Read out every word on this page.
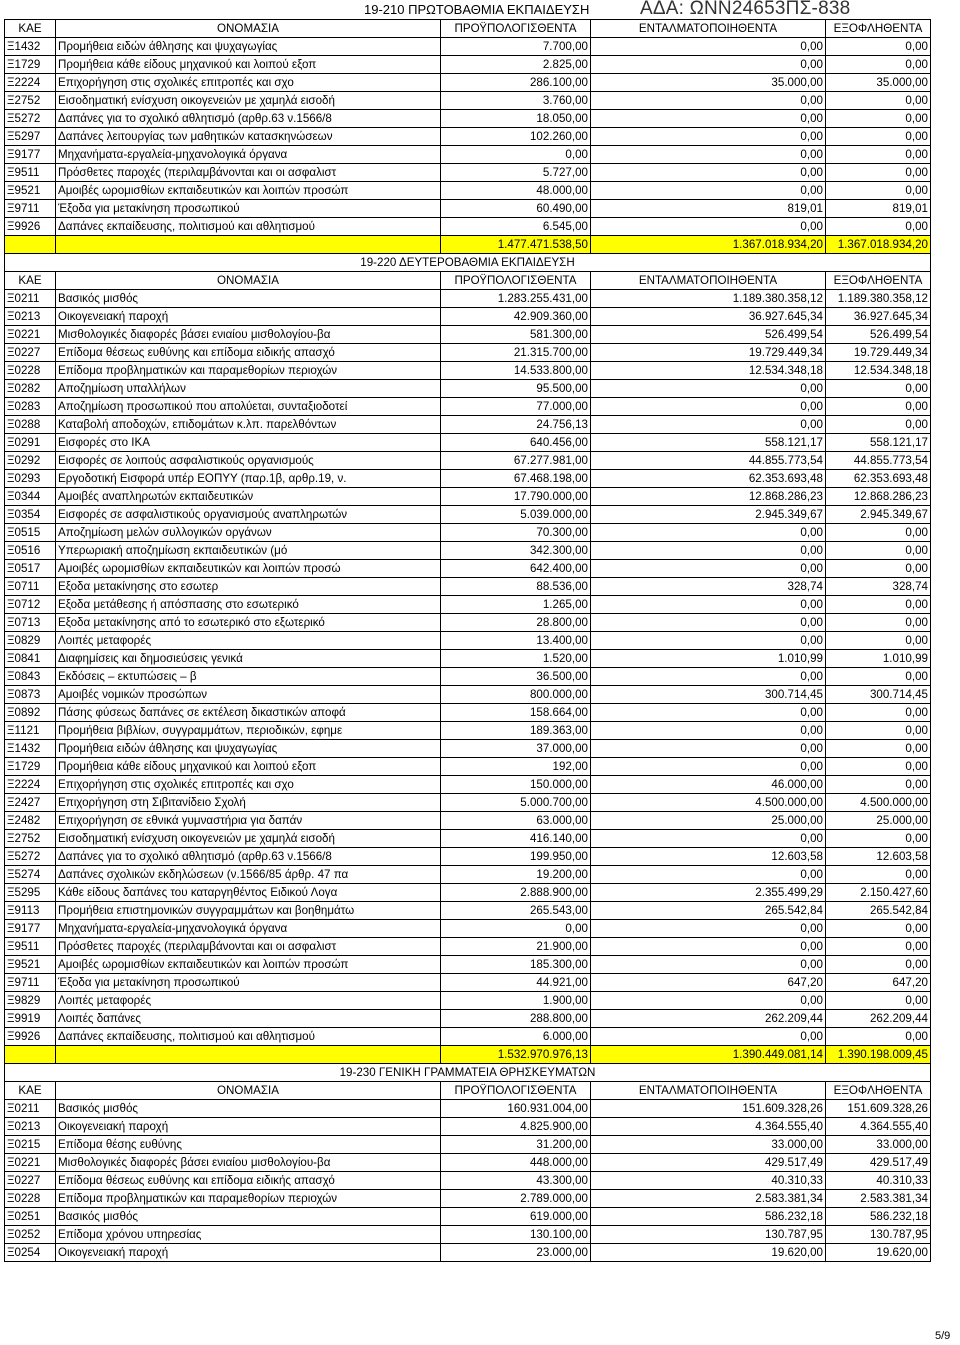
19-210 ΠΡΩΤΟΒΑΘΜΙΑ ΕΚΠΑΙΔΕΥΣΗ	ΑΔΑ: ΩΝΝ24653ΠΣ-838
ΚΑΕ	ΟΝΟΜΑΣΙΑ	ΠΡΟΫΠΟΛΟΓΙΣΘΕΝΤΑ	ΕΝΤΑΛΜΑΤΟΠΟΙΗΘΕΝΤΑ	ΕΞΟΦΛΗΘΕΝΤΑ
Ξ1432	Προμήθεια ειδών άθλησης και ψυχαγωγίας	7.700,00	0,00	0,00
Ξ1729	Προμήθεια κάθε είδους μηχανικού και λοιπού εξοπ	2.825,00	0,00	0,00
Ξ2224	Επιχορήγηση στις σχολικές επιτροπές και σχο	286.100,00	35.000,00	35.000,00
Ξ2752	Εισοδηματική ενίσχυση οικογενειών με χαμηλά εισοδή	3.760,00	0,00	0,00
Ξ5272	Δαπάνες για το σχολικό αθλητισμό (αρθρ.63 ν.1566/8	18.050,00	0,00	0,00
Ξ5297	Δαπάνες λειτουργίας των μαθητικών κατασκηνώσεων	102.260,00	0,00	0,00
Ξ9177	Μηχανήματα-εργαλεία-μηχανολογικά όργανα	0,00	0,00	0,00
Ξ9511	Πρόσθετες παροχές (περιλαμβάνονται και οι ασφαλιστ	5.727,00	0,00	0,00
Ξ9521	Αμοιβές ωρομισθίων εκπαιδευτικών και λοιπών προσώπ	48.000,00	0,00	0,00
Ξ9711	Έξοδα για μετακίνηση προσωπικού	60.490,00	819,01	819,01
Ξ9926	Δαπάνες εκπαίδευσης, πολιτισμού και αθλητισμού	6.545,00	0,00	0,00
		1.477.471.538,50	1.367.018.934,20	1.367.018.934,20
19-220 ΔΕΥΤΕΡΟΒΑΘΜΙΑ ΕΚΠΑΙΔΕΥΣΗ				
ΚΑΕ	ΟΝΟΜΑΣΙΑ	ΠΡΟΫΠΟΛΟΓΙΣΘΕΝΤΑ	ΕΝΤΑΛΜΑΤΟΠΟΙΗΘΕΝΤΑ	ΕΞΟΦΛΗΘΕΝΤΑ
Ξ0211	Βασικός μισθός	1.283.255.431,00	1.189.380.358,12	1.189.380.358,12
Ξ0213	Οικογενειακή παροχή	42.909.360,00	36.927.645,34	36.927.645,34
Ξ0221	Μισθολογικές διαφορές βάσει ενιαίου μισθολογίου-βα	581.300,00	526.499,54	526.499,54
Ξ0227	Επίδομα θέσεως ευθύνης και επίδομα ειδικής απασχό	21.315.700,00	19.729.449,34	19.729.449,34
Ξ0228	Επίδομα προβληματικών και παραμεθορίων περιοχών	14.533.800,00	12.534.348,18	12.534.348,18
Ξ0282	Αποζημίωση υπαλλήλων	95.500,00	0,00	0,00
Ξ0283	Αποζημίωση προσωπικού που απολύεται, συνταξιοδοτεί	77.000,00	0,00	0,00
Ξ0288	Καταβολή αποδοχών, επιδομάτων κ.λπ. παρελθόντων	24.756,13	0,00	0,00
Ξ0291	Εισφορές στο ΙΚΑ	640.456,00	558.121,17	558.121,17
Ξ0292	Εισφορές σε λοιπούς ασφαλιστικούς οργανισμούς	67.277.981,00	44.855.773,54	44.855.773,54
Ξ0293	Εργοδοτική Εισφορά υπέρ ΕΟΠΥΥ (παρ.1β, αρθρ.19, ν.	67.468.198,00	62.353.693,48	62.353.693,48
Ξ0344	Αμοιβές αναπληρωτών εκπαιδευτικών	17.790.000,00	12.868.286,23	12.868.286,23
Ξ0354	Εισφορές σε ασφαλιστικούς οργανισμούς αναπληρωτών	5.039.000,00	2.945.349,67	2.945.349,67
Ξ0515	Αποζημίωση μελών συλλογικών οργάνων	70.300,00	0,00	0,00
Ξ0516	Υπερωριακή αποζημίωση εκπαιδευτικών (μό	342.300,00	0,00	0,00
Ξ0517	Αμοιβές ωρομισθίων εκπαιδευτικών και λοιπών προσώ	642.400,00	0,00	0,00
Ξ0711	Εξοδα μετακίνησης στο εσωτερ	88.536,00	328,74	328,74
Ξ0712	Εξοδα μετάθεσης ή απόσπασης στο εσωτερικό	1.265,00	0,00	0,00
Ξ0713	Εξοδα μετακίνησης από το εσωτερικό στο εξωτερικό	28.800,00	0,00	0,00
Ξ0829	Λοιπές μεταφορές	13.400,00	0,00	0,00
Ξ0841	Διαφημίσεις και δημοσιεύσεις γενικά	1.520,00	1.010,99	1.010,99
Ξ0843	Εκδόσεις – εκτυπώσεις – β	36.500,00	0,00	0,00
Ξ0873	Αμοιβές νομικών προσώπων	800.000,00	300.714,45	300.714,45
Ξ0892	Πάσης φύσεως δαπάνες σε εκτέλεση δικαστικών αποφά	158.664,00	0,00	0,00
Ξ1121	Προμήθεια βιβλίων, συγγραμμάτων, περιοδικών, εφημε	189.363,00	0,00	0,00
Ξ1432	Προμήθεια ειδών άθλησης και ψυχαγωγίας	37.000,00	0,00	0,00
Ξ1729	Προμήθεια κάθε είδους μηχανικού και λοιπού εξοπ	192,00	0,00	0,00
Ξ2224	Επιχορήγηση στις σχολικές επιτροπές και σχο	150.000,00	46.000,00	0,00
Ξ2427	Επιχορήγηση στη Σιβιτανίδειο Σχολή	5.000.700,00	4.500.000,00	4.500.000,00
Ξ2482	Επιχορήγηση σε εθνικά γυμναστήρια για δαπάν	63.000,00	25.000,00	25.000,00
Ξ2752	Εισοδηματική ενίσχυση οικογενειών με χαμηλά εισοδή	416.140,00	0,00	0,00
Ξ5272	Δαπάνες για το σχολικό αθλητισμό (αρθρ.63 ν.1566/8	199.950,00	12.603,58	12.603,58
Ξ5274	Δαπάνες σχολικών εκδηλώσεων (ν.1566/85 άρθρ. 47 πα	19.200,00	0,00	0,00
Ξ5295	Κάθε είδους δαπάνες του καταργηθέντος Ειδικού Λογα	2.888.900,00	2.355.499,29	2.150.427,60
Ξ9113	Προμήθεια επιστημονικών συγγραμμάτων και βοηθημάτω	265.543,00	265.542,84	265.542,84
Ξ9177	Μηχανήματα-εργαλεία-μηχανολογικά όργανα	0,00	0,00	0,00
Ξ9511	Πρόσθετες παροχές (περιλαμβάνονται και οι ασφαλιστ	21.900,00	0,00	0,00
Ξ9521	Αμοιβές ωρομισθίων εκπαιδευτικών και λοιπών προσώπ	185.300,00	0,00	0,00
Ξ9711	Έξοδα για μετακίνηση προσωπικού	44.921,00	647,20	647,20
Ξ9829	Λοιπές μεταφορές	1.900,00	0,00	0,00
Ξ9919	Λοιπές δαπάνες	288.800,00	262.209,44	262.209,44
Ξ9926	Δαπάνες εκπαίδευσης, πολιτισμού και αθλητισμού	6.000,00	0,00	0,00
		1.532.970.976,13	1.390.449.081,14	1.390.198.009,45
19-230 ΓΕΝΙΚΗ ΓΡΑΜΜΑΤΕΙΑ ΘΡΗΣΚΕΥΜΑΤΩΝ				
ΚΑΕ	ΟΝΟΜΑΣΙΑ	ΠΡΟΫΠΟΛΟΓΙΣΘΕΝΤΑ	ΕΝΤΑΛΜΑΤΟΠΟΙΗΘΕΝΤΑ	ΕΞΟΦΛΗΘΕΝΤΑ
Ξ0211	Βασικός μισθός	160.931.004,00	151.609.328,26	151.609.328,26
Ξ0213	Οικογενειακή παροχή	4.825.900,00	4.364.555,40	4.364.555,40
Ξ0215	Επίδομα θέσης ευθύνης	31.200,00	33.000,00	33.000,00
Ξ0221	Μισθολογικές διαφορές βάσει ενιαίου μισθολογίου-βα	448.000,00	429.517,49	429.517,49
Ξ0227	Επίδομα θέσεως ευθύνης και επίδομα ειδικής απασχό	43.300,00	40.310,33	40.310,33
Ξ0228	Επίδομα προβληματικών και παραμεθορίων περιοχών	2.789.000,00	2.583.381,34	2.583.381,34
Ξ0251	Βασικός μισθός	619.000,00	586.232,18	586.232,18
Ξ0252	Επίδομα χρόνου υπηρεσίας	130.100,00	130.787,95	130.787,95
Ξ0254	Οικογενειακή παροχή	23.000,00	19.620,00	19.620,00
5/9
